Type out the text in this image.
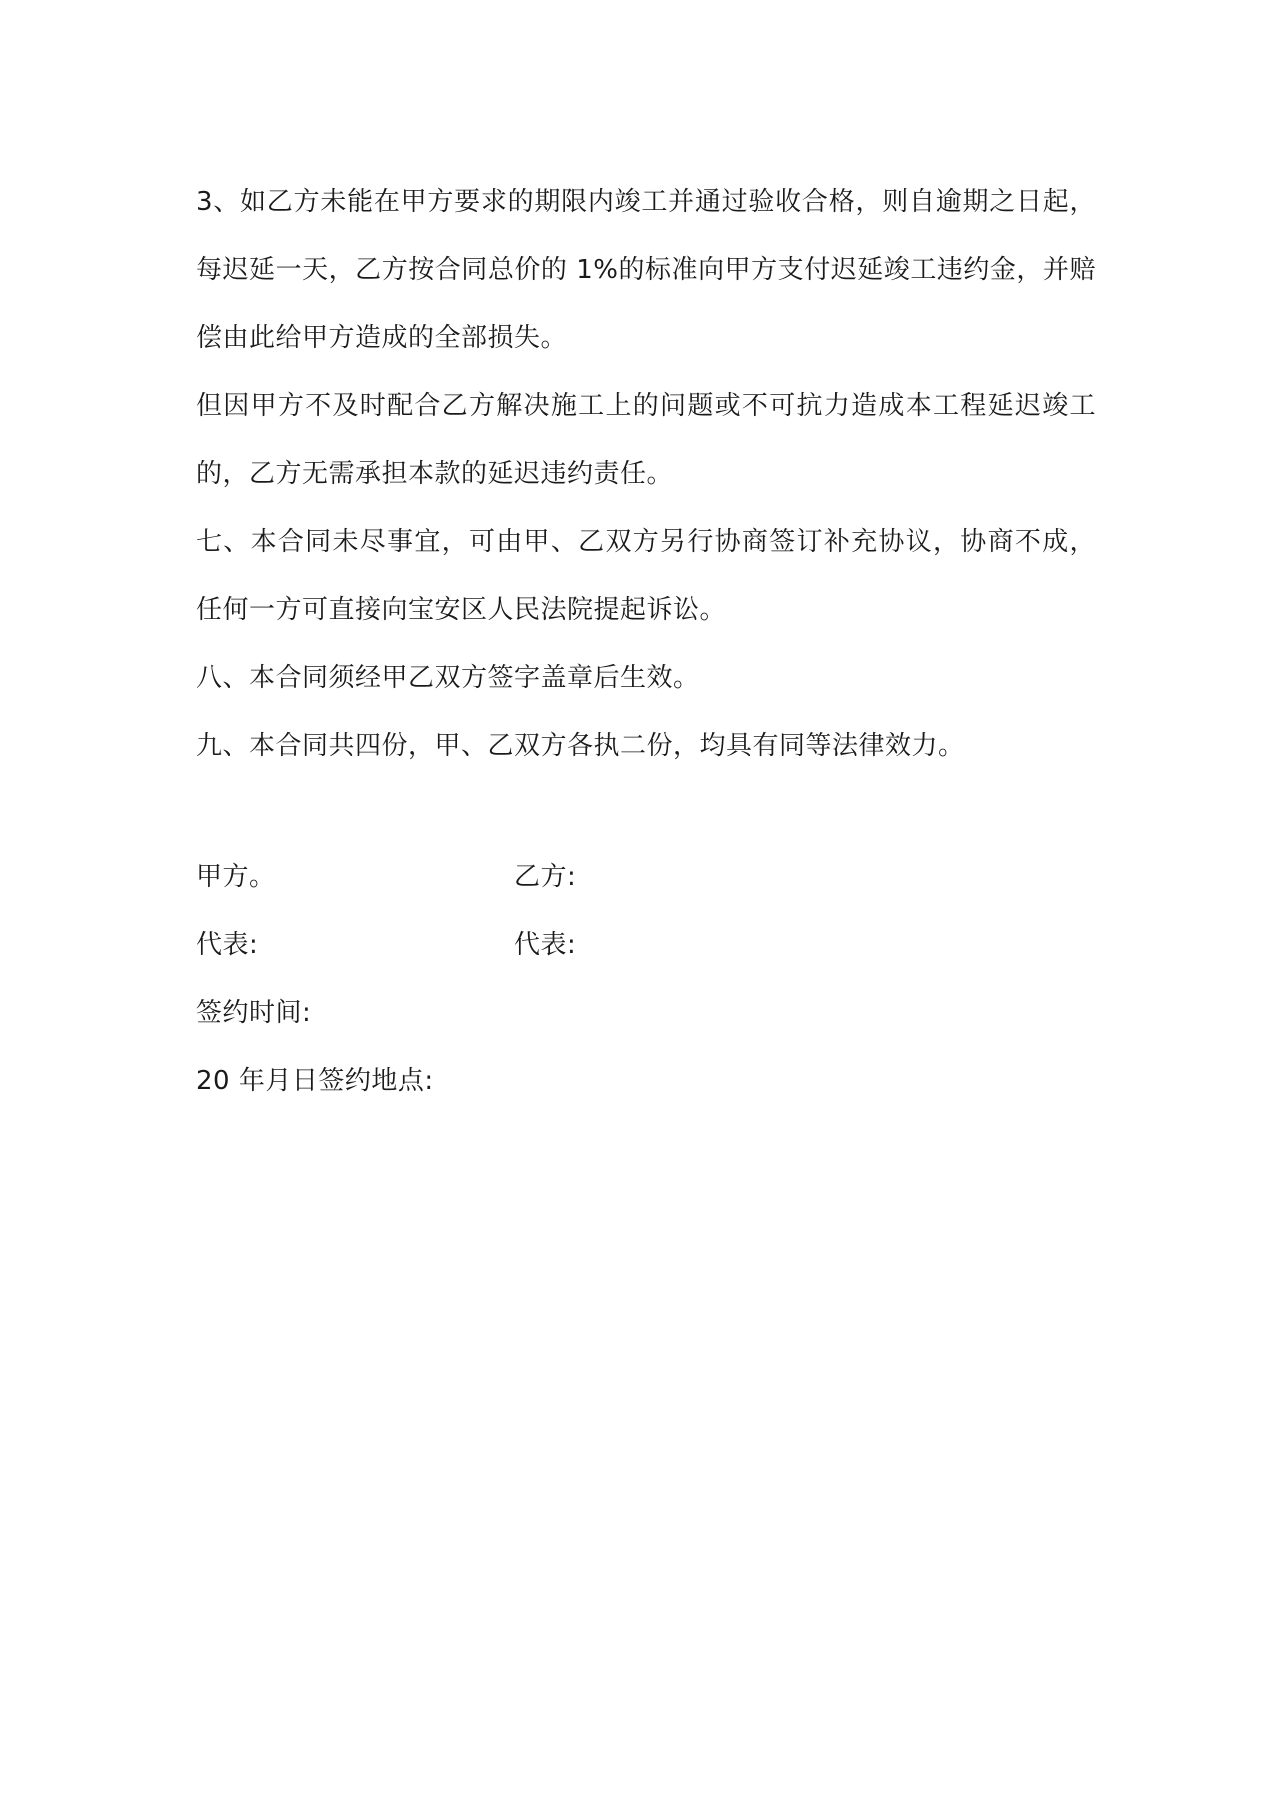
3、如乙方未能在甲方要求的期限内竣工并通过验收合格，则自逾期之日起，每迟延一天，乙方按合同总价的 1%的标准向甲方支付迟延竣工违约金，并赔偿由此给甲方造成的全部损失。

但因甲方不及时配合乙方解决施工上的问题或不可抗力造成本工程延迟竣工的，乙方无需承担本款的延迟违约责任。

七、本合同未尽事宜，可由甲、乙双方另行协商签订补充协议，协商不成，任何一方可直接向宝安区人民法院提起诉讼。

八、本合同须经甲乙双方签字盖章后生效。

九、本合同共四份，甲、乙双方各执二份，均具有同等法律效力。

甲方。	乙方:
代表:	代表:
签约时间:
20 年月日签约地点:
